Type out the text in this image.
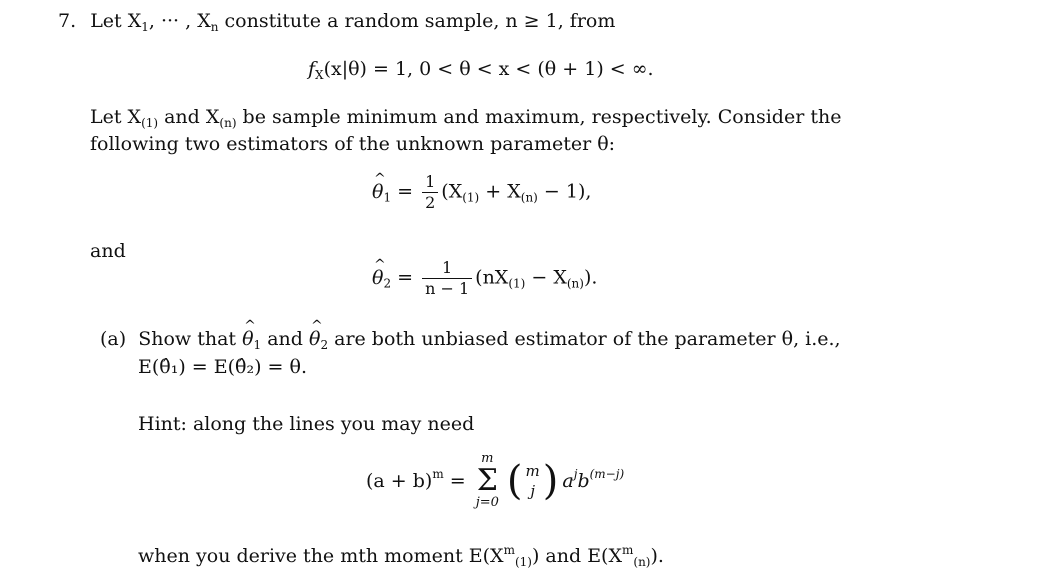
7. Let $X_1$, ··· , $X_n$ constitute a random sample, n ≥ 1, from
$f_X(x|\theta) = 1$, 0 < θ < x < (θ + 1) < ∞.
Let $X_{(1)}$ and $X_{(n)}$ be sample minimum and maximum, respectively. Consider the
following two estimators of the unknown parameter θ:
^ $\theta_1 = \frac{1}{2} (X_{(1)} + X_{(n)} - 1)$,
and
^ $\theta_2 = \frac{1}{n - 1} (nX_{(1)} - X_{(n)})$.
(a) Show that ^ $\theta_1$ and ^ $\theta_2$ are both unbiased estimator of the parameter θ, i.e.,
E(θ̂₁) = E(θ̂₂) = θ.
Hint: along the lines you may need
$(a + b)^m$ =
m
Σ
j=0 ( m
j ) $a^jb^{(m-j)}$
when you derive the mth moment $E(X^m_{(1)})$ and $E(X^m_{(n)})$.
